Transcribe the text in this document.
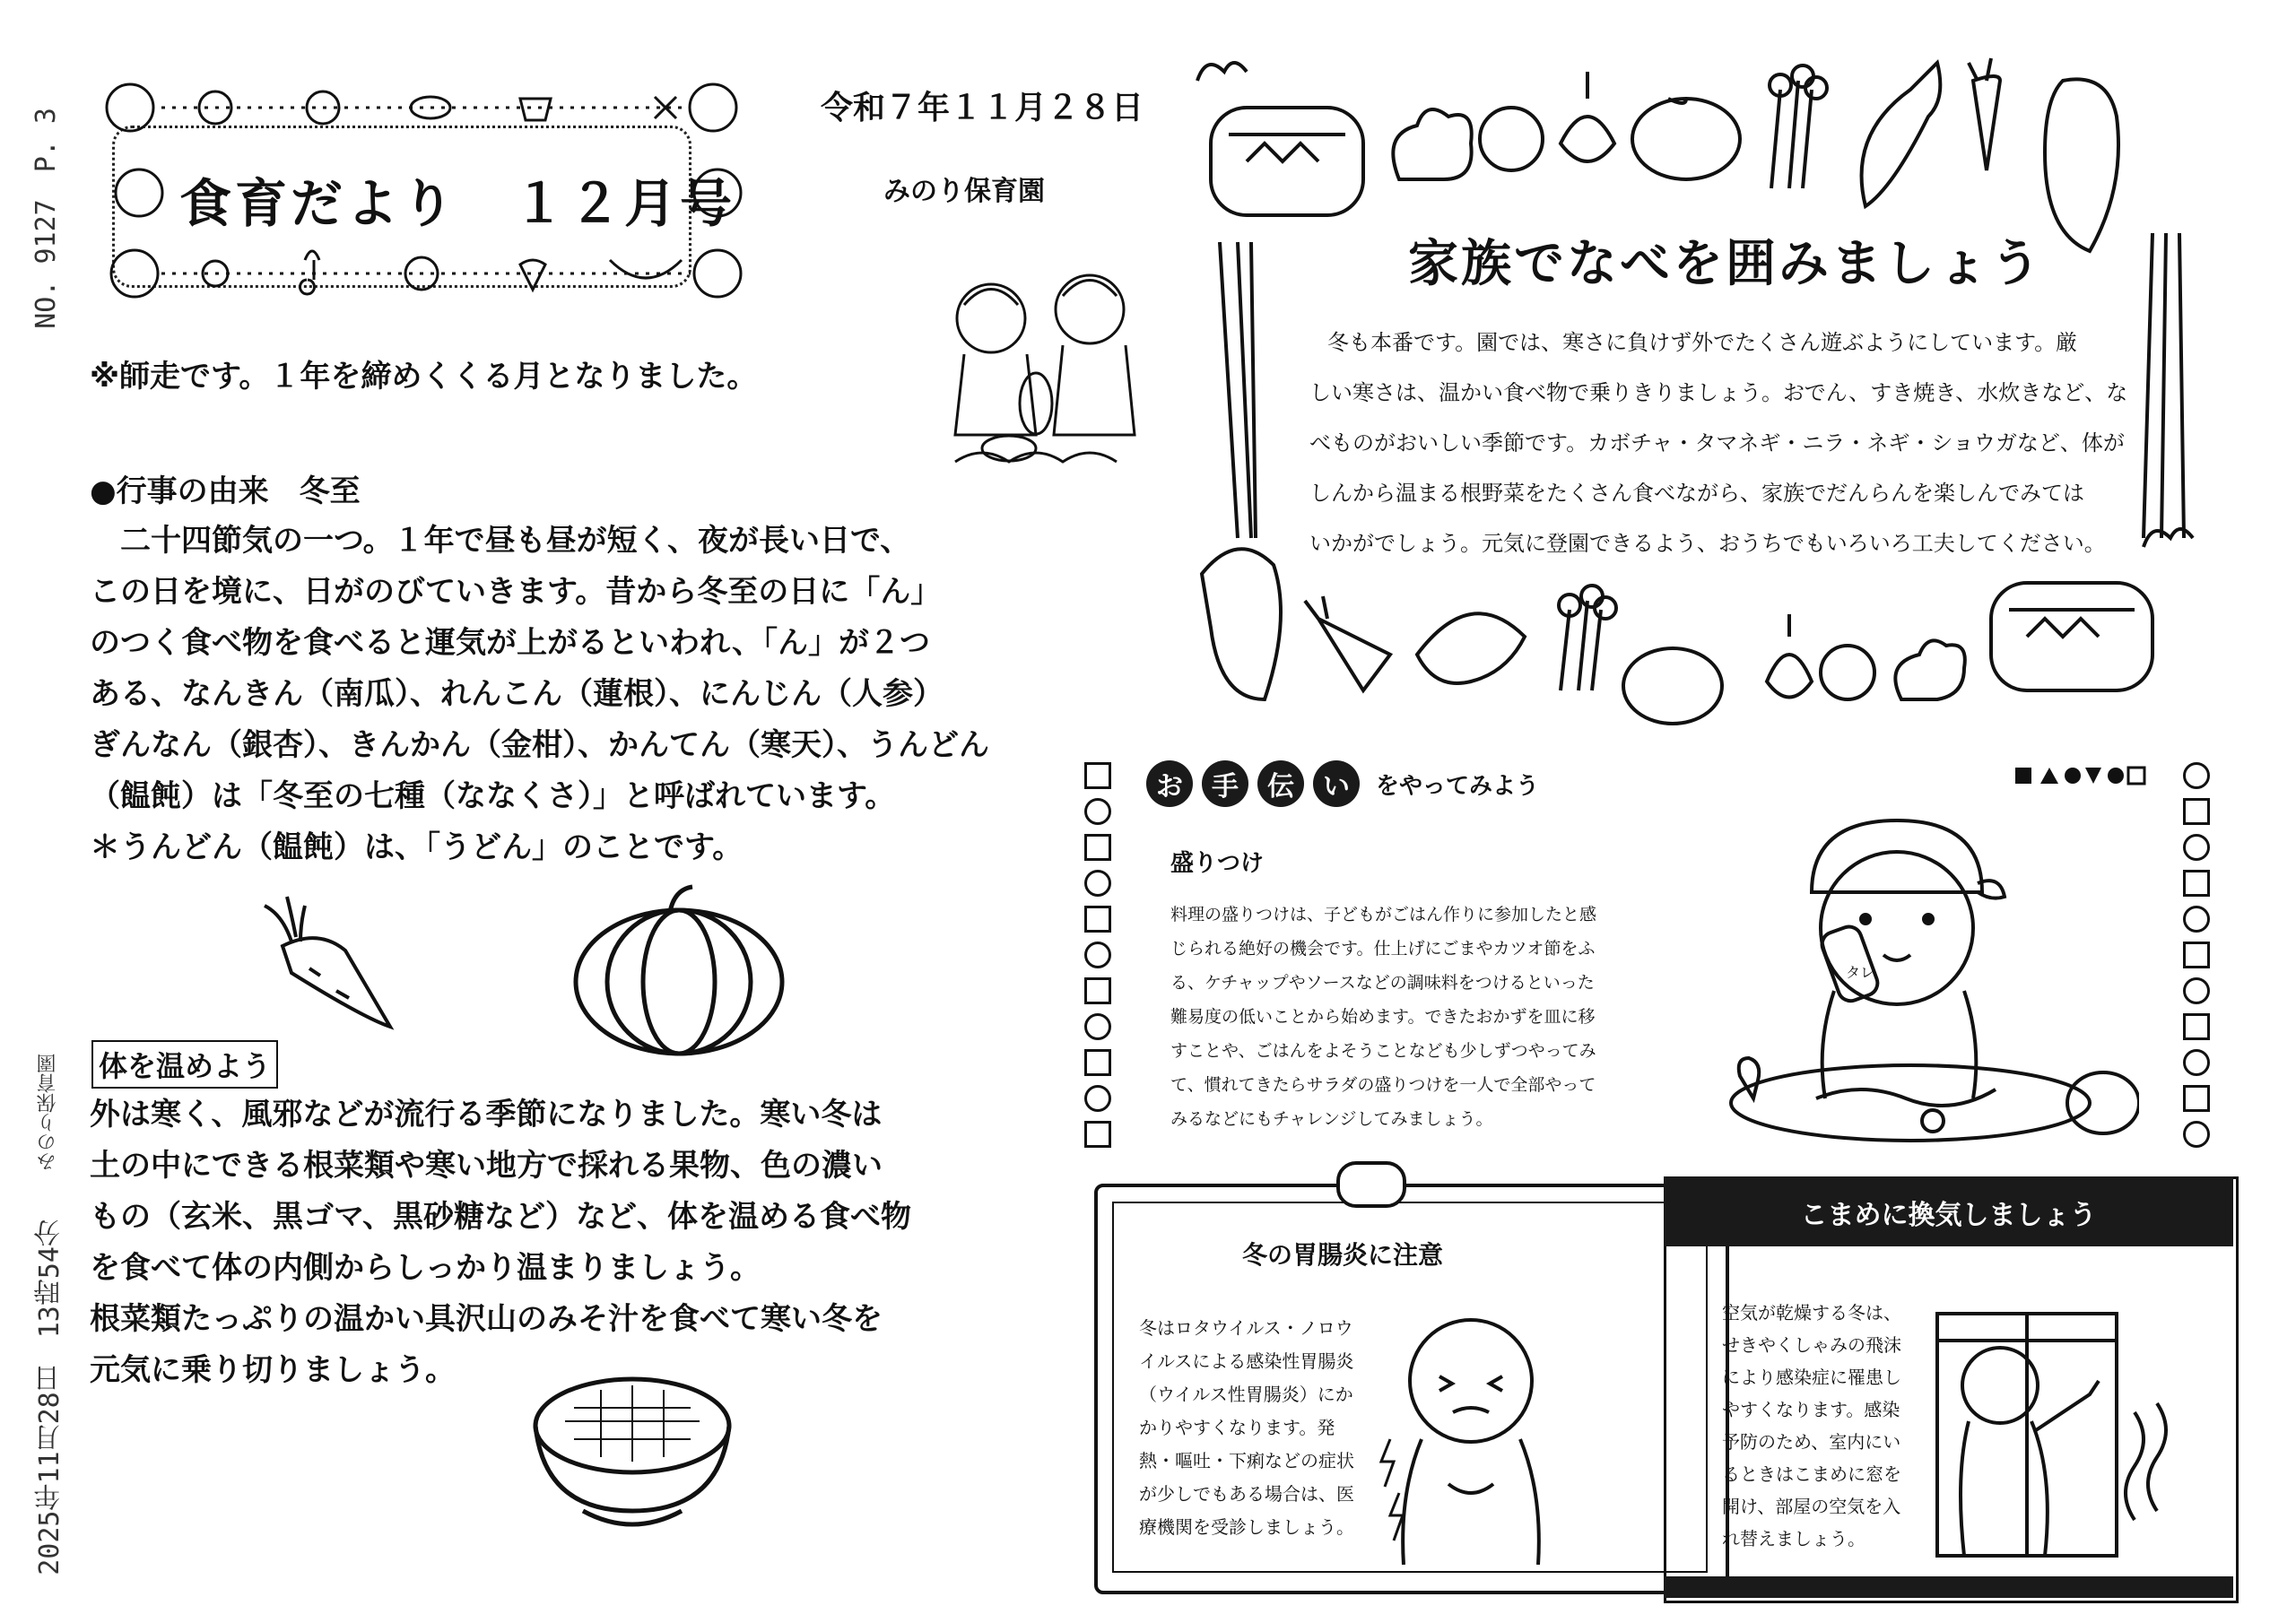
NO. 9127　P. 3
みのり保育園
2025年11月28日　13時54分
食育だより　１２月号
令和７年１１月２８日
みのり保育園
※師走です。１年を締めくくる月となりました。
●行事の由来　冬至
　二十四節気の一つ。１年で昼も昼が短く、夜が長い日で、
この日を境に、日がのびていきます。昔から冬至の日に「ん」
のつく食べ物を食べると運気が上がるといわれ、「ん」が２つ
ある、なんきん（南瓜）、れんこん（蓮根）、にんじん（人参）
ぎんなん（銀杏）、きんかん（金柑）、かんてん（寒天）、うんどん
（饂飩）は「冬至の七種（ななくさ）」と呼ばれています。
＊うんどん（饂飩）は、「うどん」のことです。
体を温めよう
外は寒く、風邪などが流行る季節になりました。寒い冬は
土の中にできる根菜類や寒い地方で採れる果物、色の濃い
もの（玄米、黒ゴマ、黒砂糖など）など、体を温める食べ物
を食べて体の内側からしっかり温まりましょう。
根菜類たっぷりの温かい具沢山のみそ汁を食べて寒い冬を
元気に乗り切りましょう。
家族でなべを囲みましょう
冬も本番です。園では、寒さに負けず外でたくさん遊ぶようにしています。厳
しい寒さは、温かい食べ物で乗りきりましょう。おでん、すき焼き、水炊きなど、な
べものがおいしい季節です。カボチャ・タマネギ・ニラ・ネギ・ショウガなど、体が
しんから温まる根野菜をたくさん食べながら、家族でだんらんを楽しんでみては
いかがでしょう。元気に登園できるよう、おうちでもいろいろ工夫してください。
お	手	伝	い	をやってみよう
盛りつけ
料理の盛りつけは、子どもがごはん作りに参加したと感
じられる絶好の機会です。仕上げにごまやカツオ節をふ
る、ケチャップやソースなどの調味料をつけるといった
難易度の低いことから始めます。できたおかずを皿に移
すことや、ごはんをよそうことなども少しずつやってみ
て、慣れてきたらサラダの盛りつけを一人で全部やって
みるなどにもチャレンジしてみましょう。
タレ
冬の胃腸炎に注意
冬はロタウイルス・ノロウ
イルスによる感染性胃腸炎
（ウイルス性胃腸炎）にか
かりやすくなります。発
熱・嘔吐・下痢などの症状
が少しでもある場合は、医
療機関を受診しましょう。
こまめに換気しましょう
空気が乾燥する冬は、
せきやくしゃみの飛沫
により感染症に罹患し
やすくなります。感染
予防のため、室内にい
るときはこまめに窓を
開け、部屋の空気を入
れ替えましょう。
